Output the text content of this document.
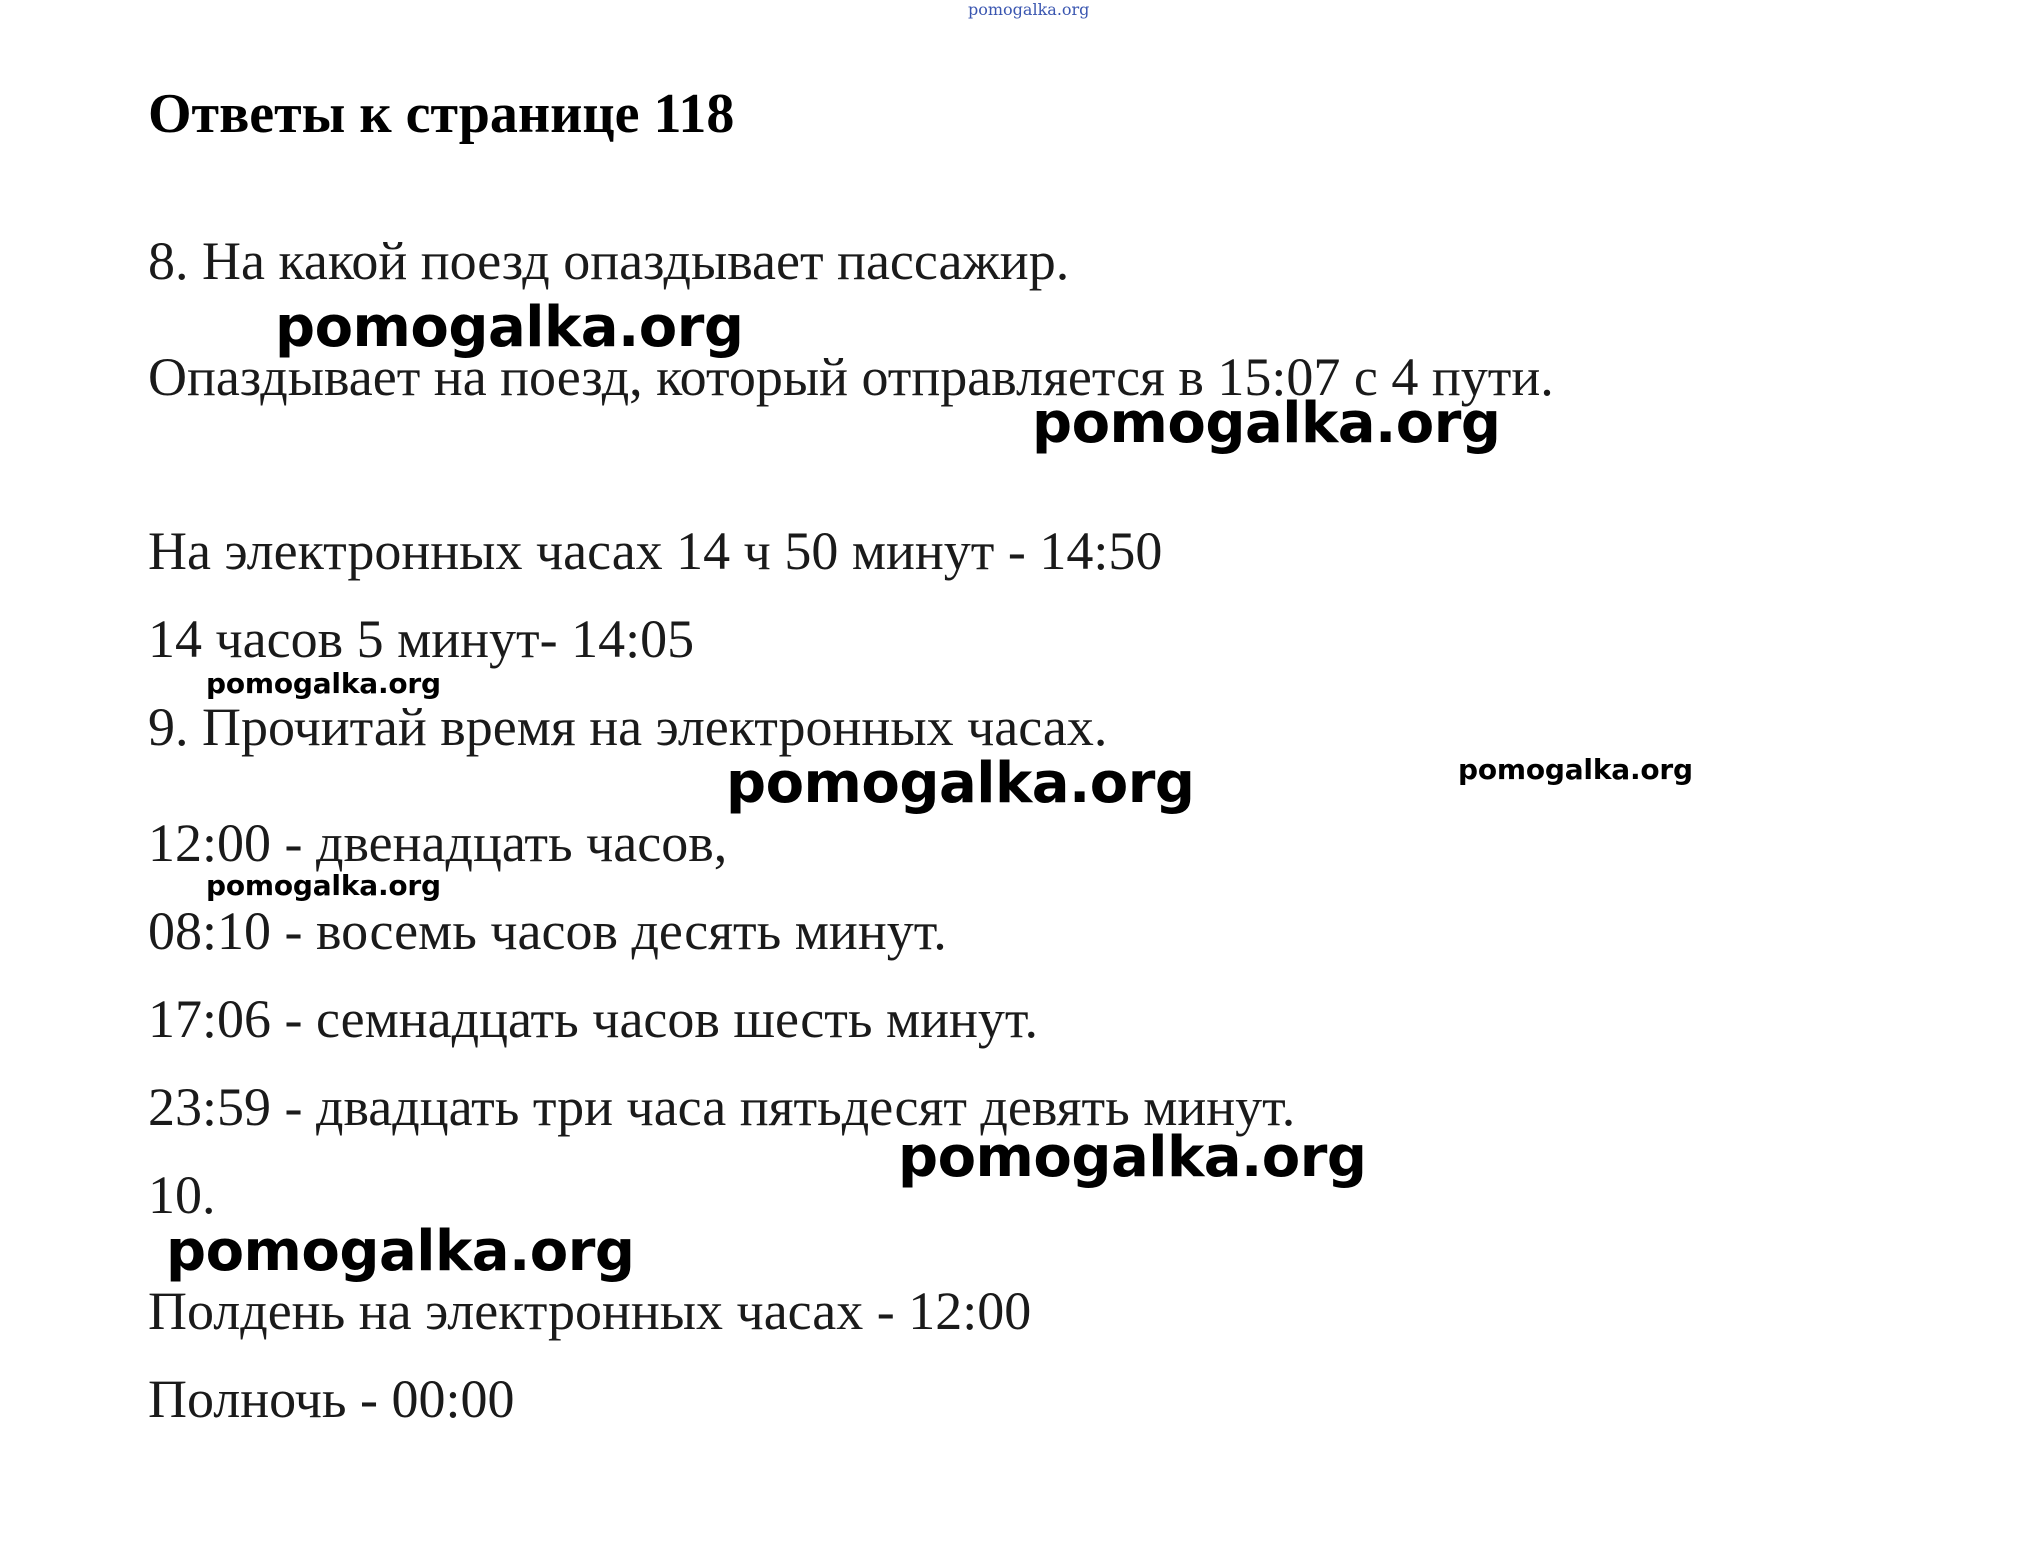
pomogalka.org
Ответы к странице 118
8. На какой поезд опаздывает пассажир.
Опаздывает на поезд, который отправляется в 15:07 с 4 пути.
На электронных часах 14 ч 50 минут - 14:50
14 часов 5 минут- 14:05
9. Прочитай время на электронных часах.
12:00 - двенадцать часов,
08:10 - восемь часов десять минут.
17:06 - семнадцать часов шесть минут.
23:59 - двадцать три часа пятьдесят девять минут.
10.
Полдень на электронных часах - 12:00
Полночь - 00:00
pomogalka.org
pomogalka.org
pomogalka.org
pomogalka.org	pomogalka.org
pomogalka.org
pomogalka.org
pomogalka.org
